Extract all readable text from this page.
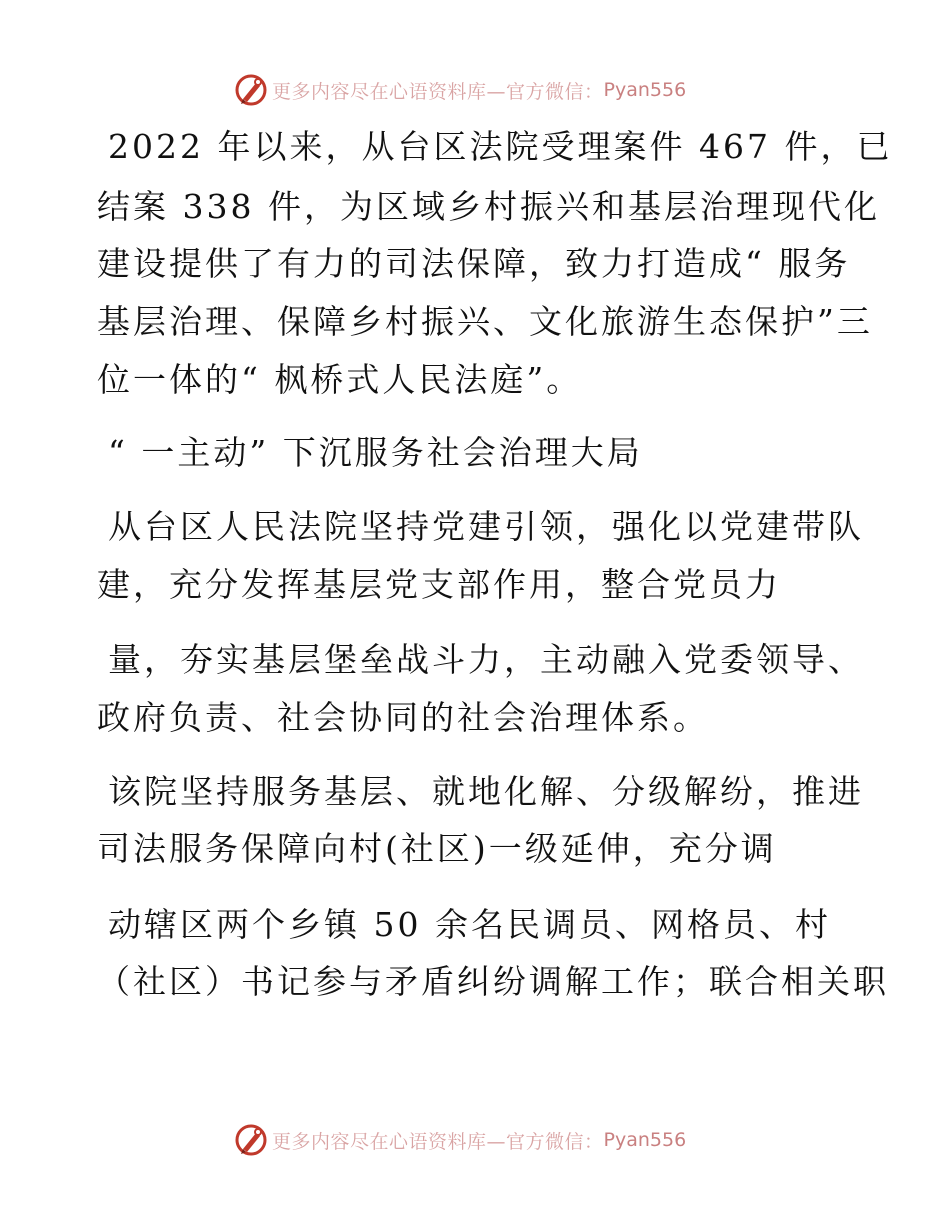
更多内容尽在心语资料库—官方微信： Pyan556
2022 年以来，从台区法院受理案件 467 件，已
结案 338 件，为区域乡村振兴和基层治理现代化
建设提供了有力的司法保障，致力打造成“ 服务
基层治理、保障乡村振兴、文化旅游生态保护”三
位一体的“ 枫桥式人民法庭”。
“ 一主动” 下沉服务社会治理大局
从台区人民法院坚持党建引领，强化以党建带队
建，充分发挥基层党支部作用，整合党员力
量，夯实基层堡垒战斗力，主动融入党委领导、
政府负责、社会协同的社会治理体系。
该院坚持服务基层、就地化解、分级解纷，推进
司法服务保障向村(社区)一级延伸，充分调
动辖区两个乡镇 50 余名民调员、网格员、村
（社区）书记参与矛盾纠纷调解工作；联合相关职
更多内容尽在心语资料库—官方微信： Pyan556
